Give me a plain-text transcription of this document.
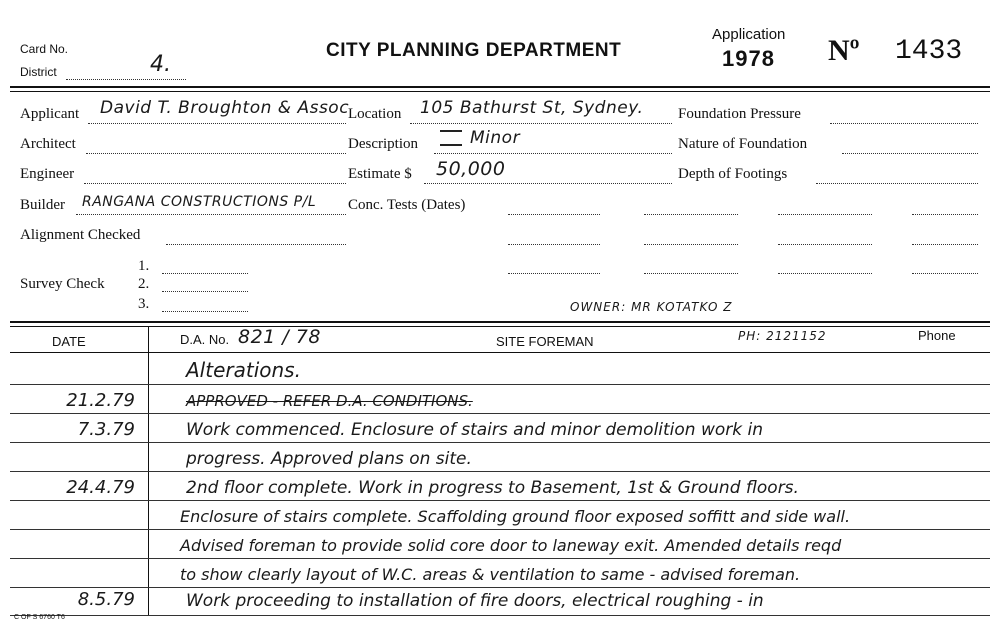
Card No.
District	4.
CITY PLANNING DEPARTMENT
Application
1978 Nº 1433
Applicant David T. Broughton & Assoc
Architect
Engineer
Builder RANGANA CONSTRUCTIONS P/L
Alignment Checked
1.
Survey Check 2.
3.
Location 105 Bathurst St, Sydney.
Description	Minor
Estimate $ 50,000
Conc. Tests (Dates)
Foundation Pressure
Nature of Foundation
Depth of Footings
OWNER: MR KOTATKO Z
DATE	D.A. No. 821 / 78	SITE FOREMAN	PH: 2121152	Phone
Alterations.
21.2.79	APPROVED - REFER D.A. CONDITIONS.
7.3.79	Work commenced. Enclosure of stairs and minor demolition work in
progress. Approved plans on site.
24.4.79	2nd floor complete. Work in progress to Basement, 1st & Ground floors.
Enclosure of stairs complete. Scaffolding ground floor exposed soffitt and side wall.
Advised foreman to provide solid core door to laneway exit. Amended details reqd
to show clearly layout of W.C. areas & ventilation to same - advised foreman.
8.5.79	Work proceeding to installation of fire doors, electrical roughing - in
C OF S 6760 T6
